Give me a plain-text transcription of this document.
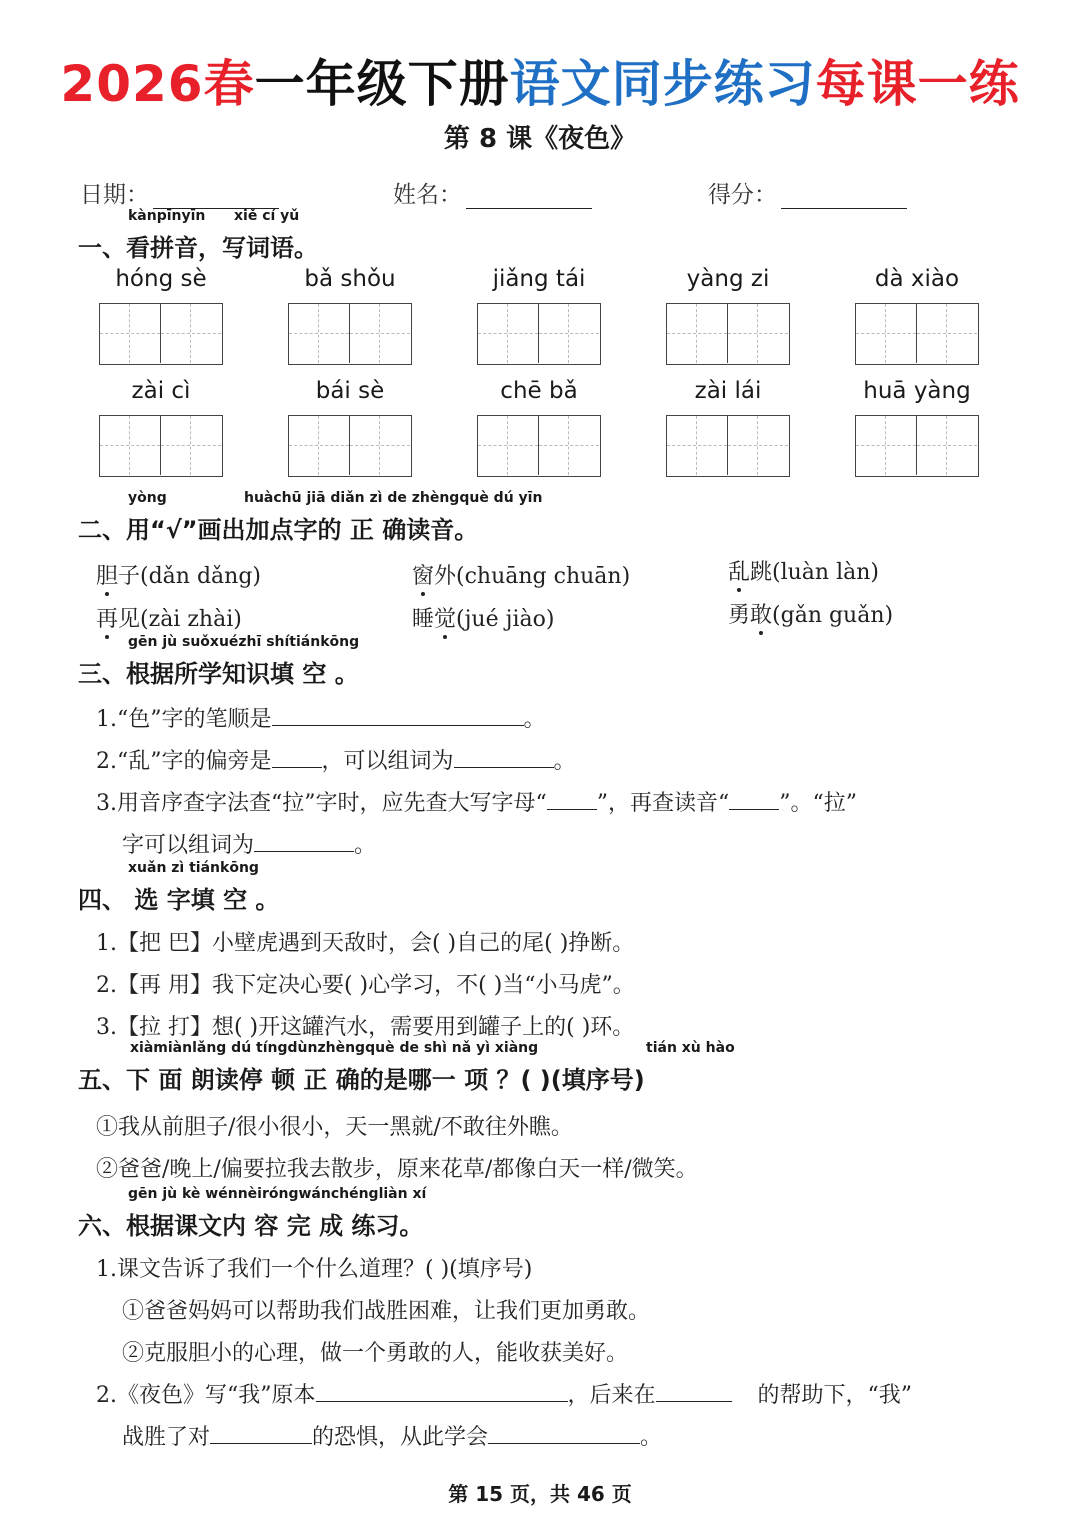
2026春一年级下册语文同步练习每课一练
第 8 课《夜色》
日期：	姓名：	得分：
kànpīnyīn xiě cí yǔ
一、看拼音，写词语。
hóng sè	bǎ shǒu	jiǎng tái	yàng zi	dà xiào
zài cì	bái sè	chē bǎ	zài lái	huā yàng
yòng	huàchū jiā diǎn zì de zhèngquè dú yīn
二、用“√”画出加点字的 正 确读音。
胆子(dǎn dǎng)	窗外(chuāng chuān)	乱跳(luàn làn)
再见(zài zhài)	睡觉(jué jiào)	勇敢(gǎn guǎn)
gēn jù suǒxuézhī shítiánkōng
三、根据所学知识填 空 。
1.“色”字的笔顺是	。
2.“乱”字的偏旁是 ，可以组词为	。
3.用音序查字法查“拉”字时，应先查大写字母“ ”，再查读音“ ”。“拉”
字可以组词为	。
xuǎn zì tiánkōng
四、 选 字填 空 。
1.【把 巴】小壁虎遇到天敌时，会( )自己的尾( )挣断。
2.【再 用】我下定决心要( )心学习，不( )当“小马虎”。
3.【拉 打】想( )开这罐汽水，需要用到罐子上的( )环。
xiàmiànlǎng dú tíngdùnzhèngquè de shì nǎ yì xiàng	tián xù hào
五、下 面 朗读停 顿 正 确的是哪一 项 ？( )(填序号)
①我从前胆子/很小很小，天一黑就/不敢往外瞧。
②爸爸/晚上/偏要拉我去散步，原来花草/都像白天一样/微笑。
gēn jù kè wénnèiróngwánchéngliàn xí
六、根据课文内 容 完 成 练习。
1.课文告诉了我们一个什么道理？( )(填序号)
①爸爸妈妈可以帮助我们战胜困难，让我们更加勇敢。
②克服胆小的心理，做一个勇敢的人，能收获美好。
2.《夜色》写“我”原本	，后来在	的帮助下，“我”
战胜了对	的恐惧，从此学会	。
第 15 页，共 46 页
